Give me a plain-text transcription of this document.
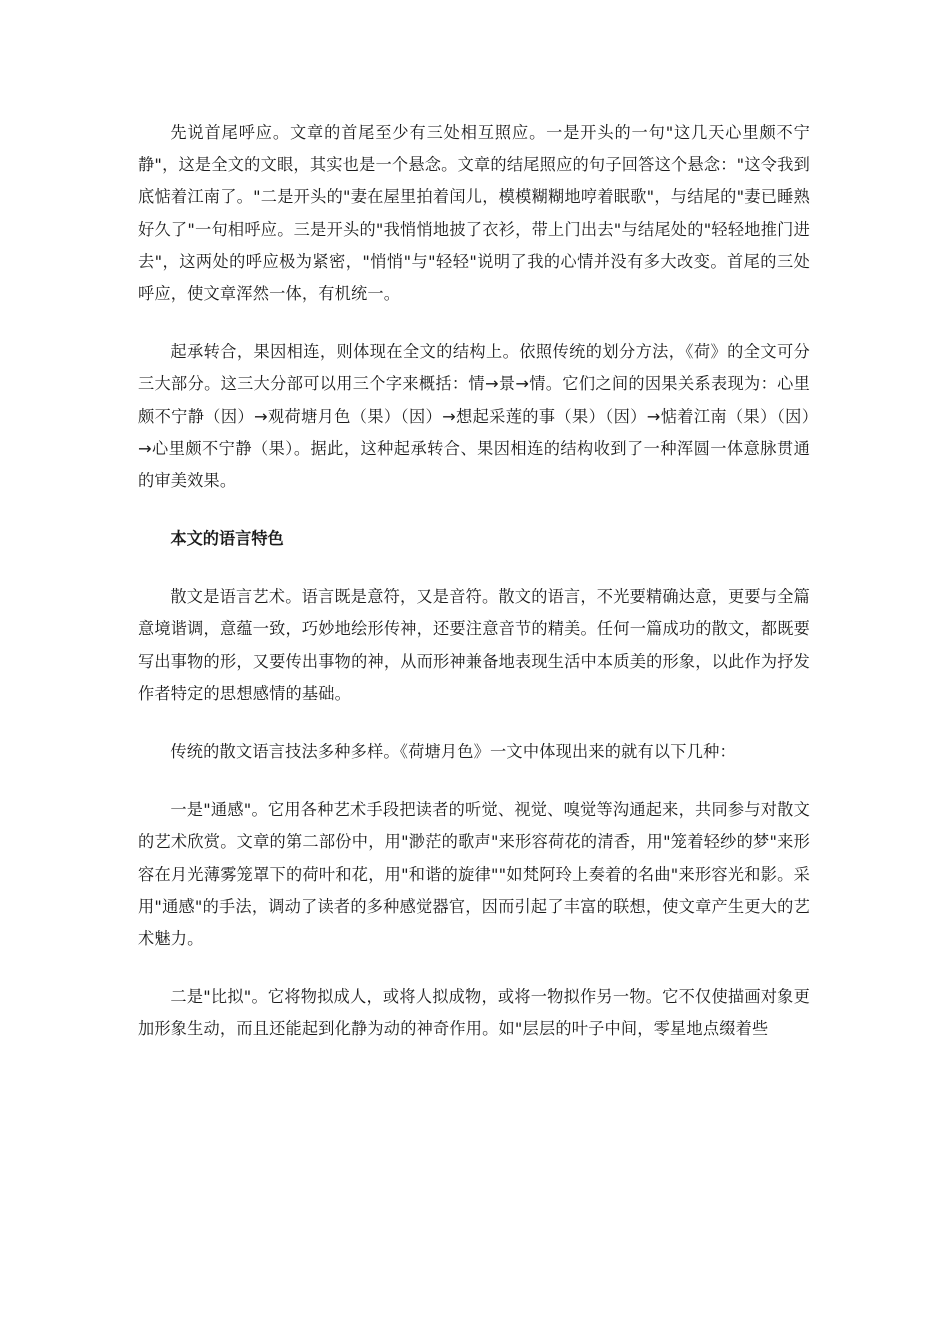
先说首尾呼应。文章的首尾至少有三处相互照应。一是开头的一句"这几天心里颇不宁静"，这是全文的文眼，其实也是一个悬念。文章的结尾照应的句子回答这个悬念："这令我到底惦着江南了。"二是开头的"妻在屋里拍着闰儿，模模糊糊地哼着眠歌"，与结尾的"妻已睡熟好久了"一句相呼应。三是开头的"我悄悄地披了衣衫，带上门出去"与结尾处的"轻轻地推门进去"，这两处的呼应极为紧密，"悄悄"与"轻轻"说明了我的心情并没有多大改变。首尾的三处呼应，使文章浑然一体，有机统一。

起承转合，果因相连，则体现在全文的结构上。依照传统的划分方法，《荷》的全文可分三大部分。这三大分部可以用三个字来概括：情→景→情。它们之间的因果关系表现为：心里颇不宁静（因）→观荷塘月色（果）（因）→想起采莲的事（果）（因）→惦着江南（果）（因）→心里颇不宁静（果）。据此，这种起承转合、果因相连的结构收到了一种浑圆一体意脉贯通的审美效果。

本文的语言特色

散文是语言艺术。语言既是意符，又是音符。散文的语言，不光要精确达意，更要与全篇意境谐调，意蕴一致，巧妙地绘形传神，还要注意音节的精美。任何一篇成功的散文，都既要写出事物的形，又要传出事物的神，从而形神兼备地表现生活中本质美的形象，以此作为抒发作者特定的思想感情的基础。

传统的散文语言技法多种多样。《荷塘月色》一文中体现出来的就有以下几种：

一是"通感"。它用各种艺术手段把读者的听觉、视觉、嗅觉等沟通起来，共同参与对散文的艺术欣赏。文章的第二部份中，用"渺茫的歌声"来形容荷花的清香，用"笼着轻纱的梦"来形容在月光薄雾笼罩下的荷叶和花，用"和谐的旋律""如梵阿玲上奏着的名曲"来形容光和影。采用"通感"的手法，调动了读者的多种感觉器官，因而引起了丰富的联想，使文章产生更大的艺术魅力。

二是"比拟"。它将物拟成人，或将人拟成物，或将一物拟作另一物。它不仅使描画对象更加形象生动，而且还能起到化静为动的神奇作用。如"层层的叶子中间，零星地点缀着些
